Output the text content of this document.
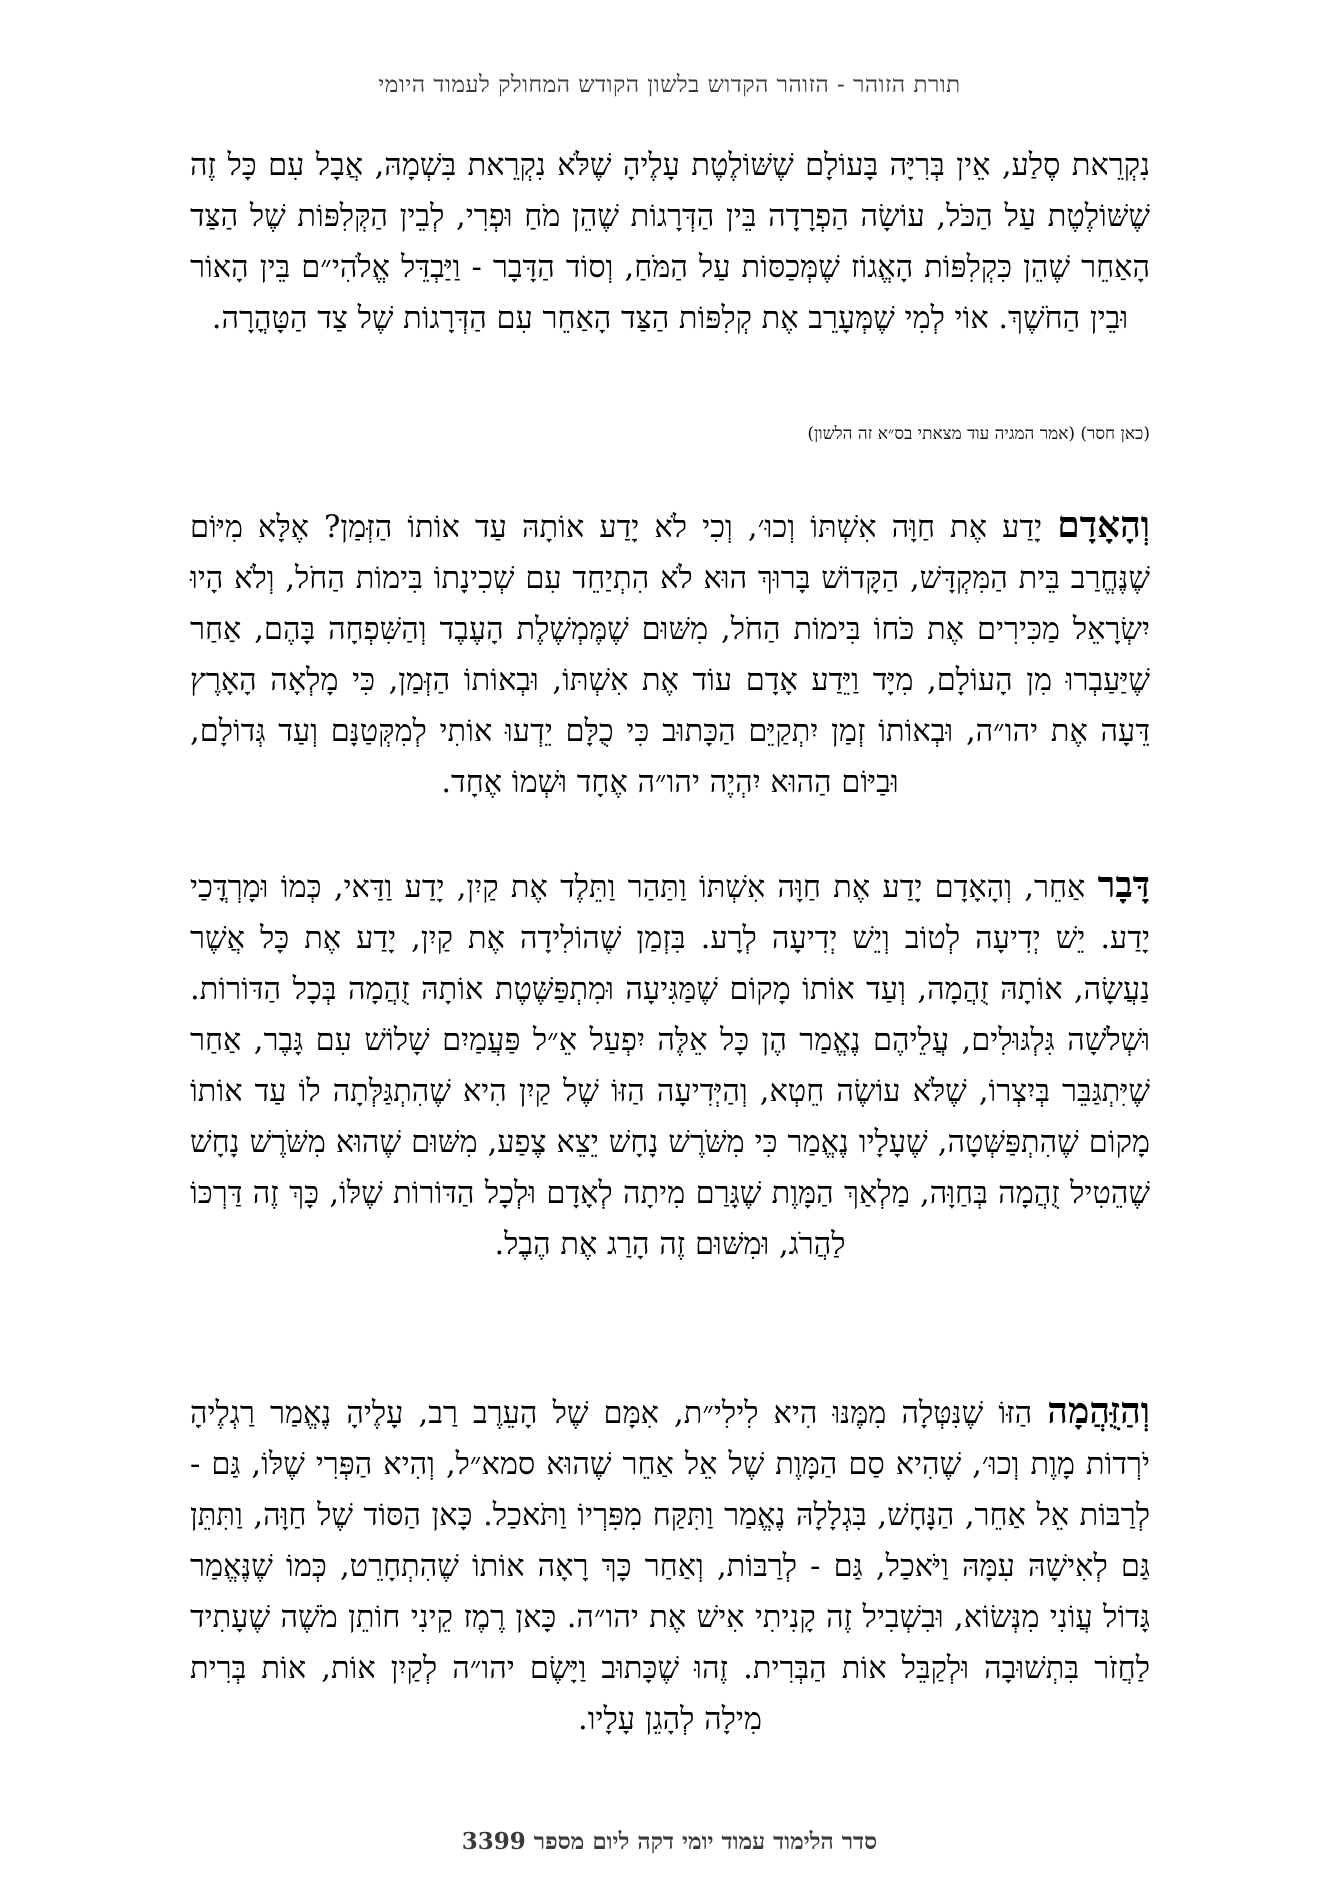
תורת הזוהר - הזוהר הקדוש בלשון הקודש המחולק לעמוד היומי

נִקְרֵאת סֶלַע, אֵין בְּרִיָּה בָּעוֹלָם שֶׁשּׁוֹלֶטֶת עָלֶיהָ שֶׁלֹּא נִקְרֵאת בִּשְׁמָהּ, אֲבָל עִם כָּל זֶה שֶׁשּׁוֹלֶטֶת עַל הַכֹּל, עוֹשָׂה הַפְרָדָה בֵּין הַדְּרָגוֹת שֶׁהֵן מֹחַ וּפְרִי, לְבֵין הַקְּלִפּוֹת שֶׁל הַצַּד הָאַחֵר שֶׁהֵן כִּקְלִפּוֹת הָאֱגוֹז שֶׁמְּכַסּוֹת עַל הַמֹּחַ, וְסוֹד הַדָּבָר - וַיַּבְדֵּל אֱלֹהִי״ם בֵּין הָאוֹר וּבֵין הַחֹשֶׁךְ. אוֹי לְמִי שֶׁמְּעָרֵב אֶת קְלִפּוֹת הַצַּד הָאַחֵר עִם הַדְּרָגוֹת שֶׁל צַד הַטָּהֳרָה.

(כאן חסר) (אמר המגיה עוד מצאתי בס״א זה הלשון)

וְהָאָדָם יָדַע אֶת חַוָּה אִשְׁתּוֹ וְכוּ׳, וְכִי לֹא יָדַע אוֹתָהּ עַד אוֹתוֹ הַזְּמַן? אֶלָּא מִיּוֹם שֶׁנֶּחֱרַב בֵּית הַמִּקְדָּשׁ, הַקָּדוֹשׁ בָּרוּךְ הוּא לֹא הִתְיַחֵד עִם שְׁכִינָתוֹ בִּימוֹת הַחֹל, וְלֹא הָיוּ יִשְׂרָאֵל מַכִּירִים אֶת כֹּחוֹ בִּימוֹת הַחֹל, מִשּׁוּם שֶׁמֶּמְשֶׁלֶת הָעֶבֶד וְהַשִּׁפְחָה בָּהֶם, אַחַר שֶׁיַּעַבְרוּ מִן הָעוֹלָם, מִיָּד וַיֵּדַע אָדָם עוֹד אֶת אִשְׁתּוֹ, וּבְאוֹתוֹ הַזְּמַן, כִּי מָלְאָה הָאָרֶץ דֵּעָה אֶת יהו״ה, וּבְאוֹתוֹ זְמַן יִתְקַיֵּם הַכָּתוּב כִּי כֻלָּם יֵדְעוּ אוֹתִי לְמִקְּטַנָּם וְעַד גְּדוֹלָם, וּבַיּוֹם הַהוּא יִהְיֶה יהו״ה אֶחָד וּשְׁמוֹ אֶחָד.

דָּבָר אַחֵר, וְהָאָדָם יָדַע אֶת חַוָּה אִשְׁתּוֹ וַתַּהַר וַתֵּלֶד אֶת קַיִן, יָדַע וַדַּאי, כְּמוֹ וּמָרְדֳּכַי יָדַע. יֵשׁ יְדִיעָה לְטוֹב וְיֵשׁ יְדִיעָה לְרָע. בִּזְמַן שֶׁהוֹלִידָה אֶת קַיִן, יָדַע אֶת כָּל אֲשֶׁר נַעֲשָׂה, אוֹתָהּ זֻהֲמָה, וְעַד אוֹתוֹ מָקוֹם שֶׁמַּגִּיעָה וּמִתְפַּשֶּׁטֶת אוֹתָהּ זֻהֲמָה בְּכָל הַדּוֹרוֹת. וּשְׁלֹשָׁה גִּלְגּוּלִים, עֲלֵיהֶם נֶאֱמַר הֶן כָּל אֵלֶּה יִפְעַל אֵ״ל פַּעֲמַיִם שָׁלוֹשׁ עִם גָּבֶר, אַחַר שֶׁיִּתְגַּבֵּר בְּיִצְרוֹ, שֶׁלֹּא עוֹשֶׂה חֵטְא, וְהַיְּדִיעָה הַזּוֹ שֶׁל קַיִן הִיא שֶׁהִתְגַּלְּתָה לוֹ עַד אוֹתוֹ מָקוֹם שֶׁהִתְפַּשְּׁטָה, שֶׁעָלָיו נֶאֱמַר כִּי מִשֹּׁרֶשׁ נָחָשׁ יֵצֵא צֶפַע, מִשּׁוּם שֶׁהוּא מִשֹּׁרֶשׁ נָחָשׁ שֶׁהֵטִיל זֻהֲמָה בְּחַוָּה, מַלְאַךְ הַמָּוֶת שֶׁגָּרַם מִיתָה לְאָדָם וּלְכָל הַדּוֹרוֹת שֶׁלּוֹ, כָּךְ זֶה דַּרְכּוֹ לַהֲרֹג, וּמִשּׁוּם זֶה הָרַג אֶת הֶבֶל.

וְהַזֻּהֲמָה הַזּוֹ שֶׁנִּטְּלָה מִמֶּנּוּ הִיא לִילִי״ת, אִמָּם שֶׁל הָעֵרֶב רַב, עָלֶיהָ נֶאֱמַר רַגְלֶיהָ יֹרְדוֹת מָוֶת וְכוּ׳, שֶׁהִיא סַם הַמָּוֶת שֶׁל אֵל אַחֵר שֶׁהוּא סמא״ל, וְהִיא הַפְּרִי שֶׁלּוֹ, גַּם - לְרַבּוֹת אֵל אַחֵר, הַנָּחָשׁ, בִּגְלָלָהּ נֶאֱמַר וַתִּקַּח מִפִּרְיוֹ וַתֹּאכַל. כָּאן הַסּוֹד שֶׁל חַוָּה, וַתִּתֵּן גַּם לְאִישָׁהּ עִמָּהּ וַיֹּאכַל, גַּם - לְרַבּוֹת, וְאַחַר כָּךְ רָאָה אוֹתוֹ שֶׁהִתְחָרֵט, כְּמוֹ שֶׁנֶּאֱמַר גָּדוֹל עֲוֹנִי מִנְּשׂוֹא, וּבִשְׁבִיל זֶה קָנִיתִי אִישׁ אֶת יהו״ה. כָּאן רֶמֶז קֵינִי חוֹתֵן מֹשֶׁה שֶׁעָתִיד לַחֲזֹר בִּתְשׁוּבָה וּלְקַבֵּל אוֹת הַבְּרִית. זֶהוּ שֶׁכָּתוּב וַיָּשֶׂם יהו״ה לְקַיִן אוֹת, אוֹת בְּרִית מִילָה לְהָגֵן עָלָיו.

סדר הלימוד עמוד יומי דקה ליום מספר 3399
